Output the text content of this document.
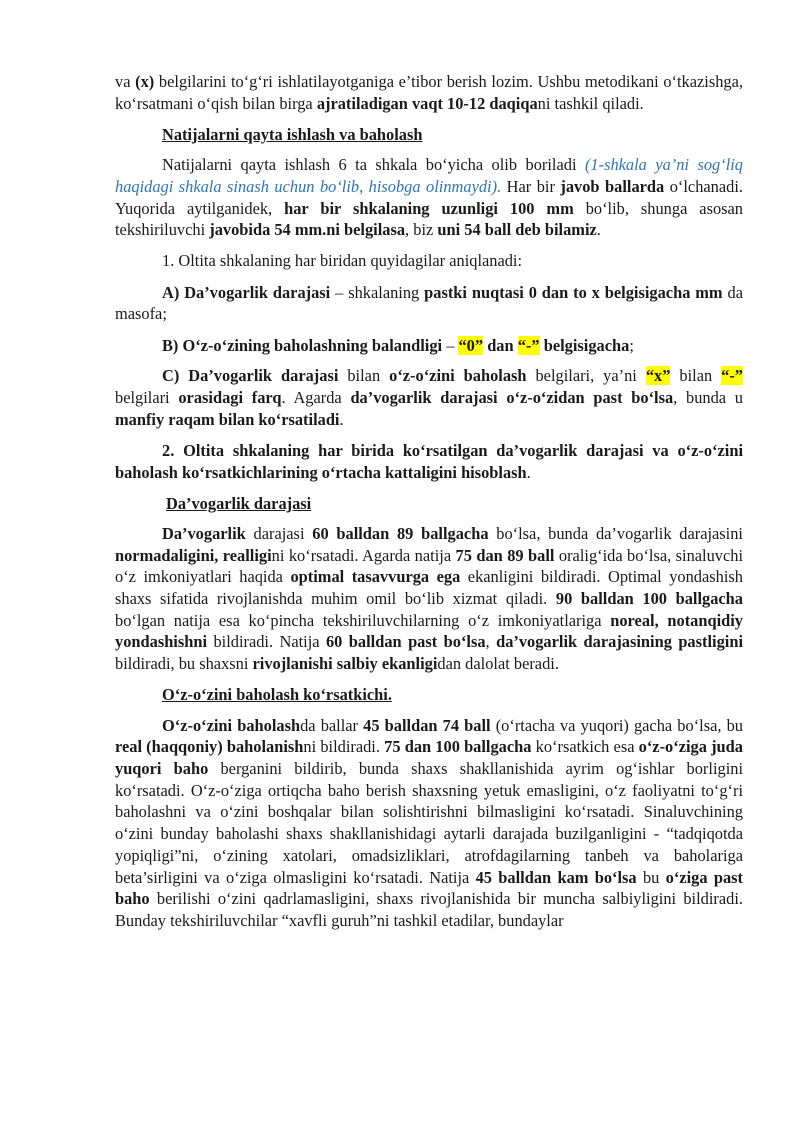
va (x) belgilarini to‘g‘ri ishlatilayotganiga e’tibor berish lozim. Ushbu metodikani o‘tkazishga, ko‘rsatmani o‘qish bilan birga ajratiladigan vaqt 10-12 daqiqani tashkil qiladi.

Natijalarni qayta ishlash va baholash

Natijalarni qayta ishlash 6 ta shkala bo‘yicha olib boriladi (1-shkala ya’ni sog‘liq haqidagi shkala sinash uchun bo‘lib, hisobga olinmaydi). Har bir javob ballarda o‘lchanadi. Yuqorida aytilganidek, har bir shkalaning uzunligi 100 mm bo‘lib, shunga asosan tekshiriluvchi javobida 54 mm.ni belgilasa, biz uni 54 ball deb bilamiz.

1. Oltita shkalaning har biridan quyidagilar aniqlanadi:

A) Da’vogarlik darajasi – shkalaning pastki nuqtasi 0 dan to x belgisigacha mm da masofa;

B) O‘z-o‘zining baholashning balandligi – “0” dan “-” belgisigacha;

C) Da’vogarlik darajasi bilan o‘z-o‘zini baholash belgilari, ya’ni “x” bilan “-” belgilari orasidagi farq. Agarda da’vogarlik darajasi o‘z-o‘zidan past bo‘lsa, bunda u manfiy raqam bilan ko‘rsatiladi.

2. Oltita shkalaning har birida ko‘rsatilgan da’vogarlik darajasi va o‘z-o‘zini baholash ko‘rsatkichlarining o‘rtacha kattaligini hisoblash.

Da’vogarlik darajasi

Da’vogarlik darajasi 60 balldan 89 ballgacha bo‘lsa, bunda da’vogarlik darajasini normadaligini, realligini ko‘rsatadi. Agarda natija 75 dan 89 ball oralig‘ida bo‘lsa, sinaluvchi o‘z imkoniyatlari haqida optimal tasavvurga ega ekanligini bildiradi. Optimal yondashish shaxs sifatida rivojlanishda muhim omil bo‘lib xizmat qiladi. 90 balldan 100 ballgacha bo‘lgan natija esa ko‘pincha tekshiriluvchilarning o‘z imkoniyatlariga noreal, notanqidiy yondashishni bildiradi. Natija 60 balldan past bo‘lsa, da’vogarlik darajasining pastligini bildiradi, bu shaxsni rivojlanishi salbiy ekanligidan dalolat beradi.

O‘z-o‘zini baholash ko‘rsatkichi.

O‘z-o‘zini baholashda ballar 45 balldan 74 ball (o‘rtacha va yuqori) gacha bo‘lsa, bu real (haqqoniy) baholanishni bildiradi. 75 dan 100 ballgacha ko‘rsatkich esa o‘z-o‘ziga juda yuqori baho berganini bildirib, bunda shaxs shakllanishida ayrim og‘ishlar borligini ko‘rsatadi. O‘z-o‘ziga ortiqcha baho berish shaxsning yetuk emasligini, o‘z faoliyatni to‘g‘ri baholashni va o‘zini boshqalar bilan solishtirishni bilmasligini ko‘rsatadi. Sinaluvchining o‘zini bunday baholashi shaxs shakllanishidagi aytarli darajada buzilganligini - “tadqiqotda yopiqligi”ni, o‘zining xatolari, omadsizliklari, atrofdagilarning tanbeh va baholariga beta’sirligini va o‘ziga olmasligini ko‘rsatadi. Natija 45 balldan kam bo‘lsa bu o‘ziga past baho berilishi o‘zini qadrlamasligini, shaxs rivojlanishida bir muncha salbiyligini bildiradi. Bunday tekshiriluvchilar “xavfli guruh”ni tashkil etadilar, bundaylar
